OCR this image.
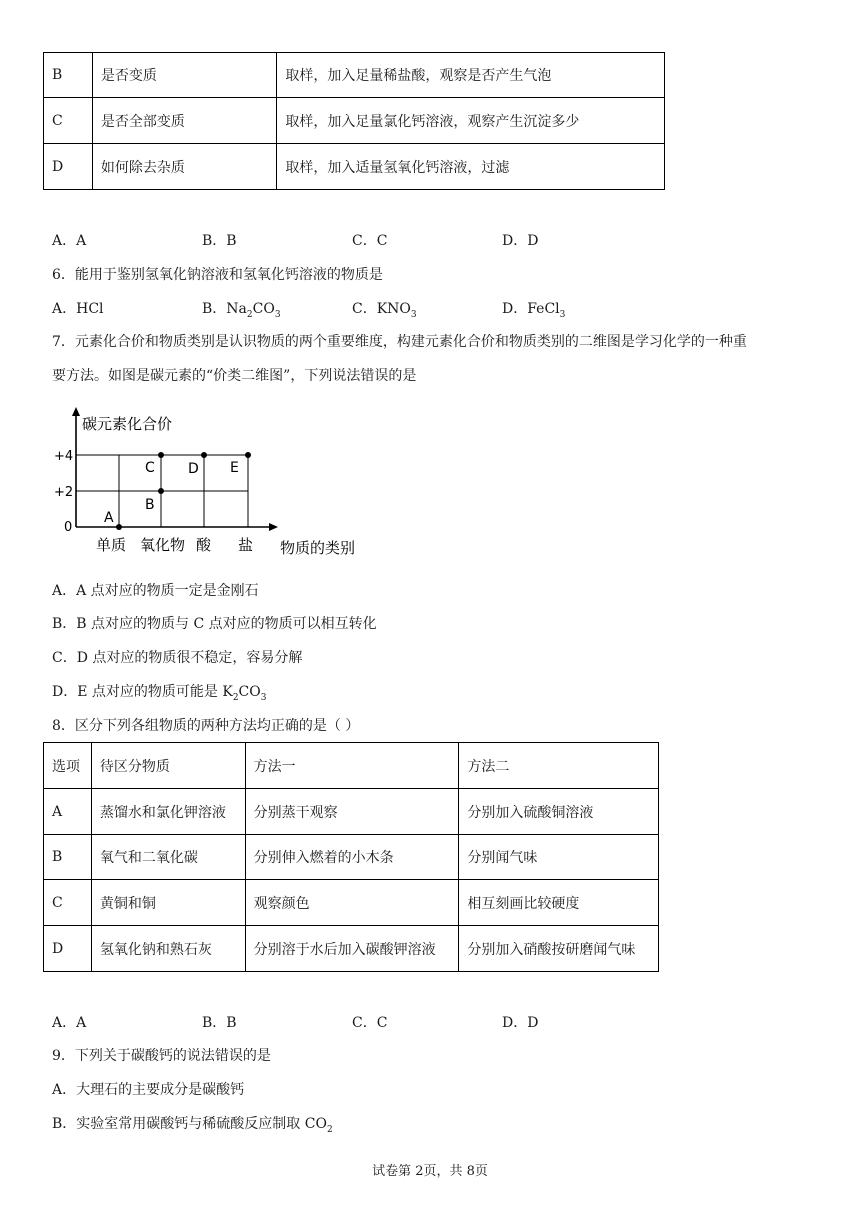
B	是否变质	取样，加入足量稀盐酸，观察是否产生气泡
C	是否全部变质	取样，加入足量氯化钙溶液，观察产生沉淀多少
D	如何除去杂质	取样，加入适量氢氧化钙溶液，过滤
A．A	B．B	C．C	D．D
6．能用于鉴别氢氧化钠溶液和氢氧化钙溶液的物质是
A．HCl	B．$Na_2CO_3$	C．$KNO_3$	D．FeCl$_3$
7．元素化合价和物质类别是认识物质的两个重要维度，构建元素化合价和物质类别的二维图是学习化学的一种重
要方法。如图是碳元素的“价类二维图”，下列说法错误的是
碳元素化合价
物质的类别
+4
+2
0
单质 氧化物 酸 盐
A
B
C D E
A．A 点对应的物质一定是金刚石
B．B 点对应的物质与 C 点对应的物质可以相互转化
C．D 点对应的物质很不稳定，容易分解
D．E 点对应的物质可能是 $K_2CO_3$
8．区分下列各组物质的两种方法均正确的是（ ）
选项	待区分物质	方法一	方法二
A	蒸馏水和氯化钾溶液	分别蒸干观察	分别加入硫酸铜溶液
B	氧气和二氧化碳	分别伸入燃着的小木条	分别闻气味
C	黄铜和铜	观察颜色	相互刻画比较硬度
D	氢氧化钠和熟石灰	分别溶于水后加入碳酸钾溶液	分别加入硝酸按研磨闻气味
A．A	B．B	C．C	D．D
9．下列关于碳酸钙的说法错误的是
A．大理石的主要成分是碳酸钙
B．实验室常用碳酸钙与稀硫酸反应制取 $CO_2$
试卷第 2页，共 8页
